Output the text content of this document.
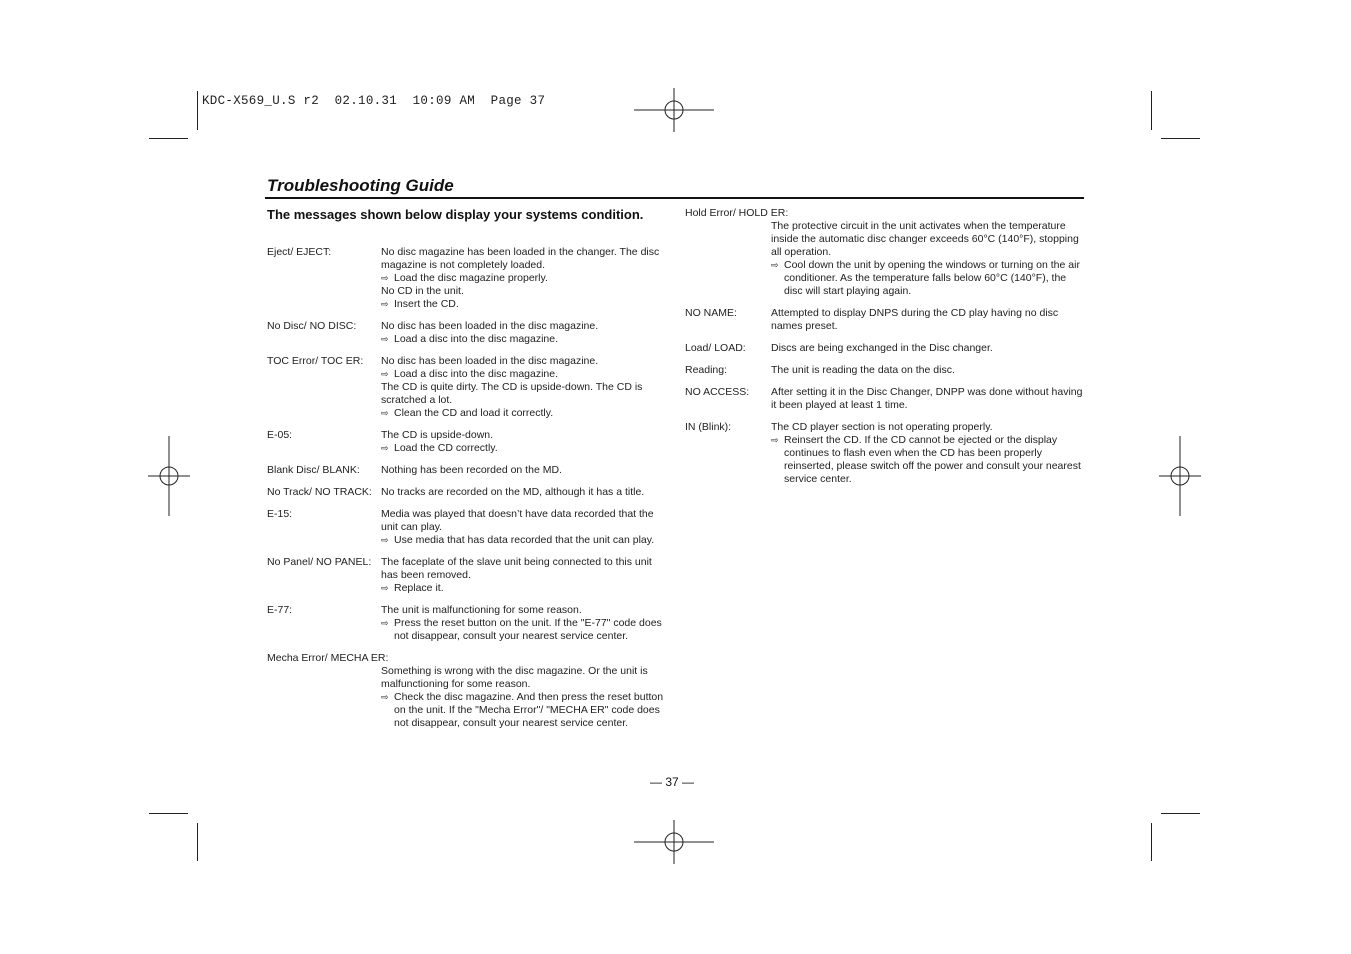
KDC-X569_U.S r2  02.10.31  10:09 AM  Page 37
Troubleshooting Guide
The messages shown below display your systems condition.
Eject/ EJECT:	No disc magazine has been loaded in the changer. The disc magazine is not completely loaded.
⇨ Load the disc magazine properly.
No CD in the unit.
⇨ Insert the CD.
No Disc/ NO DISC: No disc has been loaded in the disc magazine.
⇨ Load a disc into the disc magazine.
TOC Error/ TOC ER: No disc has been loaded in the disc magazine.
⇨ Load a disc into the disc magazine.
The CD is quite dirty. The CD is upside-down. The CD is scratched a lot.
⇨ Clean the CD and load it correctly.
E-05:	The CD is upside-down.
⇨ Load the CD correctly.
Blank Disc/ BLANK: Nothing has been recorded on the MD.
No Track/ NO TRACK: No tracks are recorded on the MD, although it has a title.
E-15:	Media was played that doesn’t have data recorded that the unit can play.
⇨ Use media that has data recorded that the unit can play.
No Panel/ NO PANEL: The faceplate of the slave unit being connected to this unit has been removed.
⇨ Replace it.
E-77:	The unit is malfunctioning for some reason.
⇨ Press the reset button on the unit. If the "E-77" code does not disappear, consult your nearest service center.
Mecha Error/ MECHA ER:
Something is wrong with the disc magazine. Or the unit is malfunctioning for some reason.
⇨ Check the disc magazine. And then press the reset button on the unit. If the "Mecha Error"/ "MECHA ER" code does not disappear, consult your nearest service center.
Hold Error/ HOLD ER:
The protective circuit in the unit activates when the temperature inside the automatic disc changer exceeds 60°C (140°F), stopping all operation.
⇨ Cool down the unit by opening the windows or turning on the air conditioner. As the temperature falls below 60°C (140°F), the disc will start playing again.
NO NAME:	Attempted to display DNPS during the CD play having no disc names preset.
Load/ LOAD: Discs are being exchanged in the Disc changer.
Reading:	The unit is reading the data on the disc.
NO ACCESS: After setting it in the Disc Changer, DNPP was done without having it been played at least 1 time.
IN (Blink):	The CD player section is not operating properly.
⇨ Reinsert the CD. If the CD cannot be ejected or the display continues to flash even when the CD has been properly reinserted, please switch off the power and consult your nearest service center.
— 37 —
